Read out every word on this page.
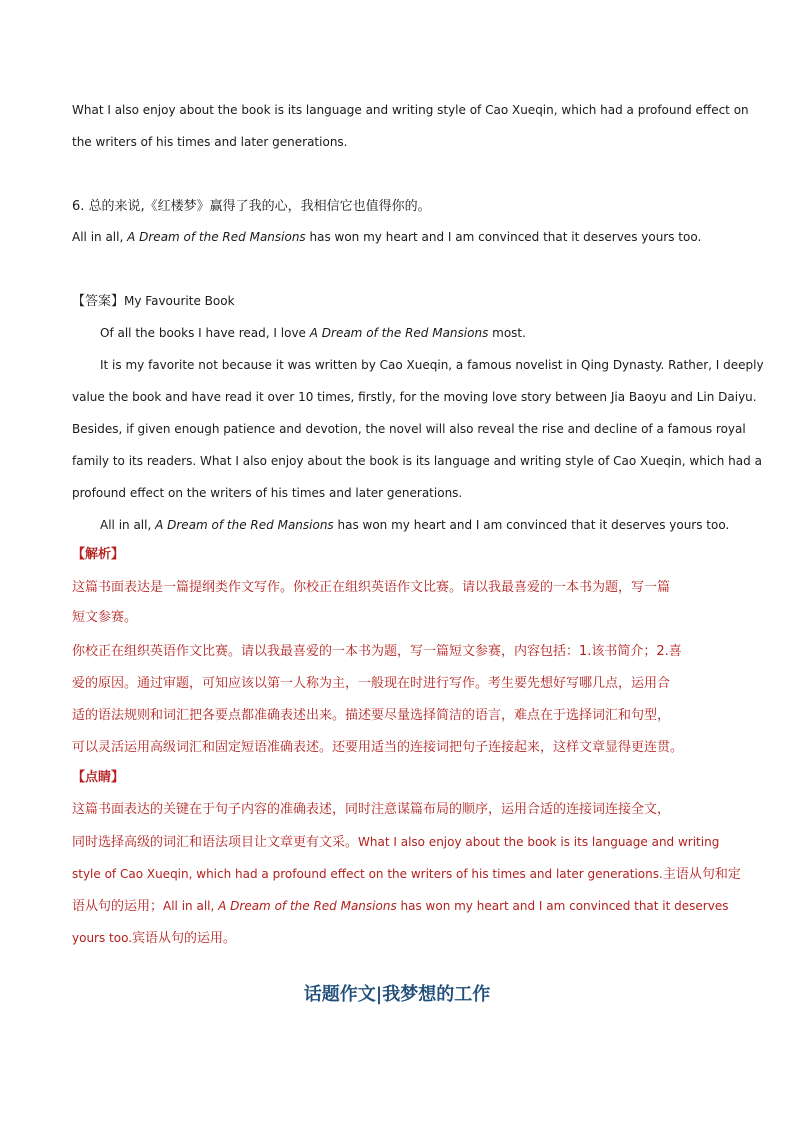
What I also enjoy about the book is its language and writing style of Cao Xueqin, which had a profound effect on
the writers of his times and later generations.
6. 总的来说,《红楼梦》赢得了我的心，我相信它也值得你的。
All in all, A Dream of the Red Mansions has won my heart and I am convinced that it deserves yours too.
【答案】My Favourite Book
Of all the books I have read, I love A Dream of the Red Mansions most.
It is my favorite not because it was written by Cao Xueqin, a famous novelist in Qing Dynasty. Rather, I deeply
value the book and have read it over 10 times, firstly, for the moving love story between Jia Baoyu and Lin Daiyu.
Besides, if given enough patience and devotion, the novel will also reveal the rise and decline of a famous royal
family to its readers. What I also enjoy about the book is its language and writing style of Cao Xueqin, which had a
profound effect on the writers of his times and later generations.
All in all, A Dream of the Red Mansions has won my heart and I am convinced that it deserves yours too.
【解析】
这篇书面表达是一篇提纲类作文写作。你校正在组织英语作文比赛。请以我最喜爱的一本书为题，写一篇
短文参赛。
你校正在组织英语作文比赛。请以我最喜爱的一本书为题，写一篇短文参赛，内容包括：1.该书简介；2.喜
爱的原因。通过审题，可知应该以第一人称为主，一般现在时进行写作。考生要先想好写哪几点，运用合
适的语法规则和词汇把各要点都准确表述出来。描述要尽量选择简洁的语言，难点在于选择词汇和句型，
可以灵活运用高级词汇和固定短语准确表述。还要用适当的连接词把句子连接起来，这样文章显得更连贯。
【点睛】
这篇书面表达的关键在于句子内容的准确表述，同时注意谋篇布局的顺序，运用合适的连接词连接全文，
同时选择高级的词汇和语法项目让文章更有文采。What I also enjoy about the book is its language and writing
style of Cao Xueqin, which had a profound effect on the writers of his times and later generations.主语从句和定
语从句的运用；All in all, A Dream of the Red Mansions has won my heart and I am convinced that it deserves
yours too.宾语从句的运用。
话题作文|我梦想的工作
